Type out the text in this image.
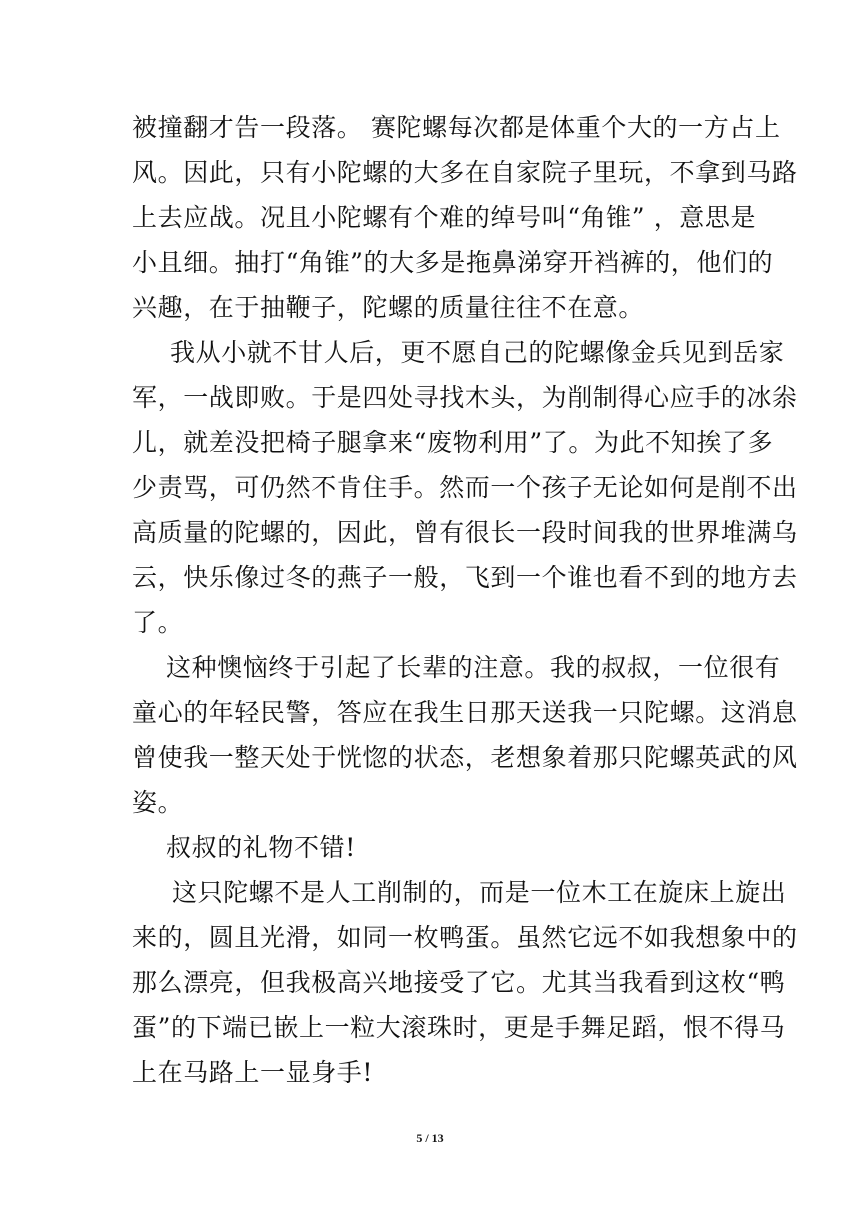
被撞翻才告一段落。 赛陀螺每次都是体重个大的一方占上
风。因此，只有小陀螺的大多在自家院子里玩，不拿到马路
上去应战。况且小陀螺有个难的绰号叫“角锥” ，意思是
小且细。抽打“角锥”的大多是拖鼻涕穿开裆裤的，他们的
兴趣，在于抽鞭子，陀螺的质量往往不在意。
我从小就不甘人后，更不愿自己的陀螺像金兵见到岳家
军，一战即败。于是四处寻找木头，为削制得心应手的冰尜
儿，就差没把椅子腿拿来“废物利用”了。为此不知挨了多
少责骂，可仍然不肯住手。然而一个孩子无论如何是削不出
高质量的陀螺的，因此，曾有很长一段时间我的世界堆满乌
云，快乐像过冬的燕子一般，飞到一个谁也看不到的地方去
了。
这种懊恼终于引起了长辈的注意。我的叔叔，一位很有
童心的年轻民警，答应在我生日那天送我一只陀螺。这消息
曾使我一整天处于恍惚的状态，老想象着那只陀螺英武的风
姿。
叔叔的礼物不错!
这只陀螺不是人工削制的，而是一位木工在旋床上旋出
来的，圆且光滑，如同一枚鸭蛋。虽然它远不如我想象中的
那么漂亮，但我极高兴地接受了它。尤其当我看到这枚“鸭
蛋”的下端已嵌上一粒大滚珠时，更是手舞足蹈，恨不得马
上在马路上一显身手!
5 / 13
